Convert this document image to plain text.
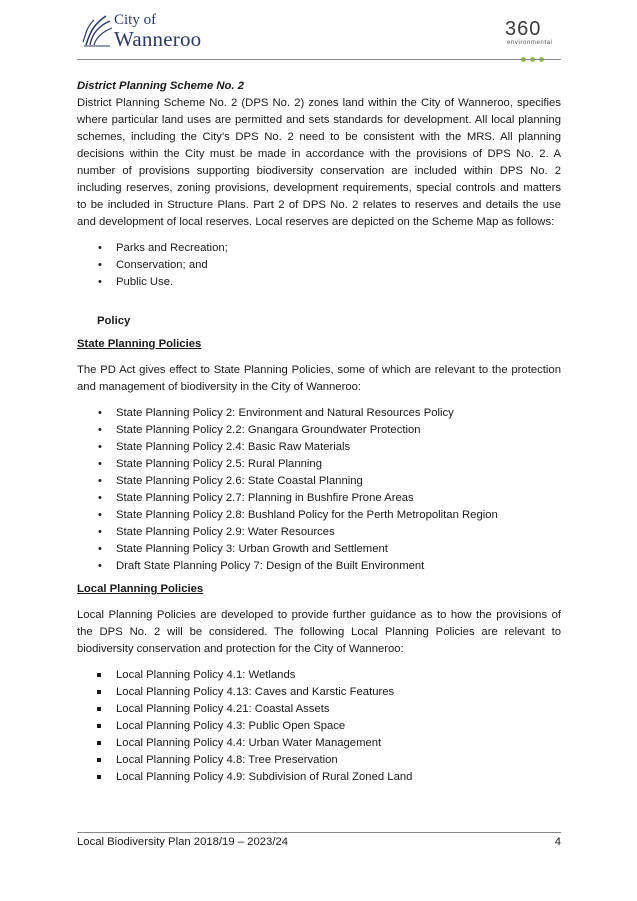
City of
Wanneroo	360
environmental

District Planning Scheme No. 2

District Planning Scheme No. 2 (DPS No. 2) zones land within the City of Wanneroo, specifies where particular land uses are permitted and sets standards for development. All local planning schemes, including the City's DPS No. 2 need to be consistent with the MRS. All planning decisions within the City must be made in accordance with the provisions of DPS No. 2. A number of provisions supporting biodiversity conservation are included within DPS No. 2 including reserves, zoning provisions, development requirements, special controls and matters to be included in Structure Plans. Part 2 of DPS No. 2 relates to reserves and details the use and development of local reserves. Local reserves are depicted on the Scheme Map as follows:

• Parks and Recreation;
• Conservation; and
• Public Use.

Policy

State Planning Policies

The PD Act gives effect to State Planning Policies, some of which are relevant to the protection and management of biodiversity in the City of Wanneroo:

• State Planning Policy 2: Environment and Natural Resources Policy
• State Planning Policy 2.2: Gnangara Groundwater Protection
• State Planning Policy 2.4: Basic Raw Materials
• State Planning Policy 2.5: Rural Planning
• State Planning Policy 2.6: State Coastal Planning
• State Planning Policy 2.7: Planning in Bushfire Prone Areas
• State Planning Policy 2.8: Bushland Policy for the Perth Metropolitan Region
• State Planning Policy 2.9: Water Resources
• State Planning Policy 3: Urban Growth and Settlement
• Draft State Planning Policy 7: Design of the Built Environment

Local Planning Policies

Local Planning Policies are developed to provide further guidance as to how the provisions of the DPS No. 2 will be considered. The following Local Planning Policies are relevant to biodiversity conservation and protection for the City of Wanneroo:

Local Planning Policy 4.1: Wetlands
Local Planning Policy 4.13: Caves and Karstic Features
Local Planning Policy 4.21: Coastal Assets
Local Planning Policy 4.3: Public Open Space
Local Planning Policy 4.4: Urban Water Management
Local Planning Policy 4.8: Tree Preservation
Local Planning Policy 4.9: Subdivision of Rural Zoned Land
Local Biodiversity Plan 2018/19 – 2023/24	4
